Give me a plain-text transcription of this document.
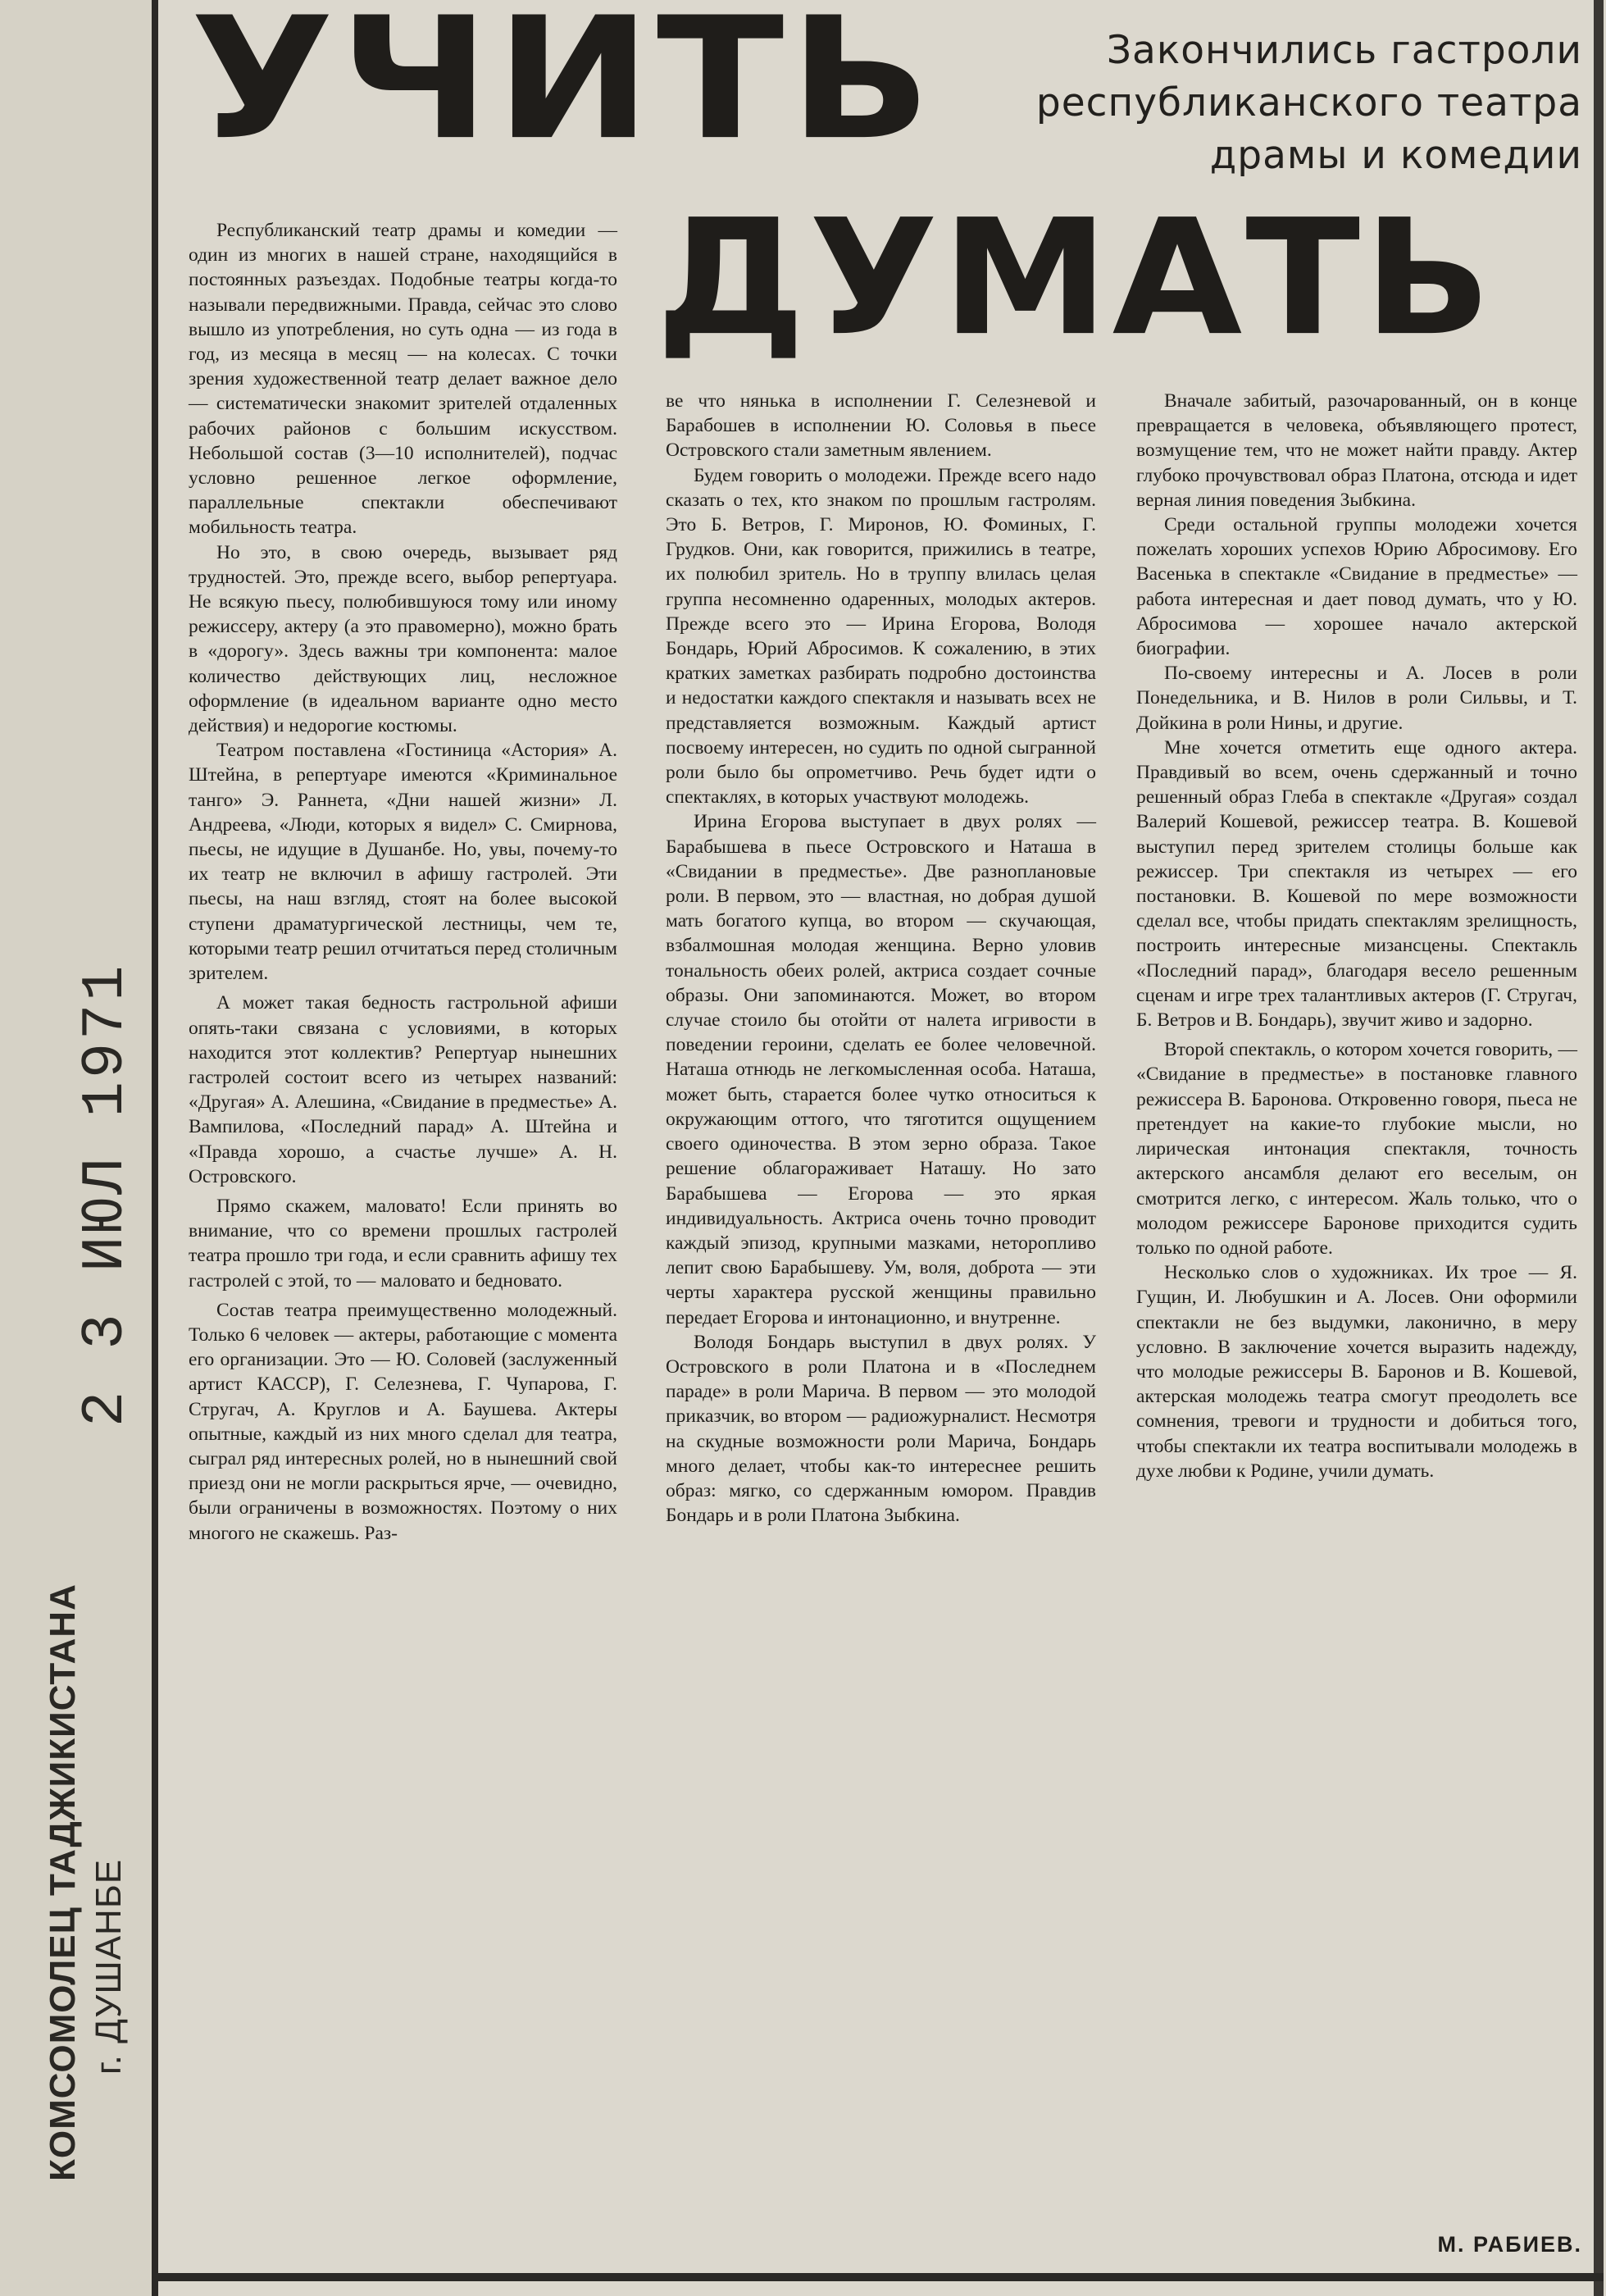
2 3 ИЮЛ 1971
КОМСОМОЛЕЦ ТАДЖИКИСТАНА г. ДУШАНБЕ
УЧИТЬ
ДУМАТЬ
Закончились гастроли
республиканского театра
драмы и комедии

Республиканский театр драмы и комедии — один из многих в нашей стране, находящийся в постоянных разъездах. Подобные театры когда-то называли передвижными. Правда, сейчас это слово вышло из употребления, но суть одна — из года в год, из месяца в месяц — на колесах. С точки зрения художественной театр делает важное дело — систематически знакомит зрителей отдаленных рабочих районов с большим искусством. Небольшой состав (3—10 исполнителей), подчас условно решенное легкое оформление, параллельные спектакли обеспечивают мобильность театра.

Но это, в свою очередь, вызывает ряд трудностей. Это, прежде всего, выбор репертуара. Не всякую пьесу, полюбившуюся тому или иному режиссеру, актеру (а это правомерно), можно брать в «дорогу». Здесь важны три компонента: малое количество действующих лиц, несложное оформление (в идеальном варианте одно место действия) и недорогие костюмы.

Театром поставлена «Гостиница «Астория» А. Штейна, в репертуаре имеются «Криминальное танго» Э. Раннета, «Дни нашей жизни» Л. Андреева, «Люди, которых я видел» С. Смирнова, пьесы, не идущие в Душанбе. Но, увы, почему-то их театр не включил в афишу гастролей. Эти пьесы, на наш взгляд, стоят на более высокой ступени драматургической лестницы, чем те, которыми театр решил отчитаться перед столичным зрителем.

А может такая бедность гастрольной афиши опять-таки связана с условиями, в которых находится этот коллектив? Репертуар нынешних гастролей состоит всего из четырех названий: «Другая» А. Алешина, «Свидание в предместье» А. Вампилова, «Последний парад» А. Штейна и «Правда хорошо, а счастье лучше» А. Н. Островского.

Прямо скажем, маловато! Если принять во внимание, что со времени прошлых гастролей театра прошло три года, и если сравнить афишу тех гастролей с этой, то — маловато и бедновато.

Состав театра преимущественно молодежный. Только 6 человек — актеры, работающие с момента его организации. Это — Ю. Соловей (заслуженный артист КАССР), Г. Селезнева, Г. Чупарова, Г. Стругач, А. Круглов и А. Баушева. Актеры опытные, каждый из них много сделал для театра, сыграл ряд интересных ролей, но в нынешний свой приезд они не могли раскрыться ярче, — очевидно, были ограничены в возможностях. Поэтому о них многого не скажешь. Раз-

ве что нянька в исполнении Г. Селезневой и Барабошев в исполнении Ю. Соловья в пьесе Островского стали заметным явлением.

Будем говорить о молодежи. Прежде всего надо сказать о тех, кто знаком по прошлым гастролям. Это Б. Ветров, Г. Миронов, Ю. Фоминых, Г. Грудков. Они, как говорится, прижились в театре, их полюбил зритель. Но в труппу влилась целая группа несомненно одаренных, молодых актеров. Прежде всего это — Ирина Егорова, Володя Бондарь, Юрий Абросимов. К сожалению, в этих кратких заметках разбирать подробно достоинства и недостатки каждого спектакля и называть всех не представляется возможным. Каждый артист посвоему интересен, но судить по одной сыгранной роли было бы опрометчиво. Речь будет идти о спектаклях, в которых участвуют молодежь.

Ирина Егорова выступает в двух ролях — Барабышева в пьесе Островского и Наташа в «Свидании в предместье». Две разноплановые роли. В первом, это — властная, но добрая душой мать богатого купца, во втором — скучающая, взбалмошная молодая женщина. Верно уловив тональность обеих ролей, актриса создает сочные образы. Они запоминаются. Может, во втором случае стоило бы отойти от налета игривости в поведении героини, сделать ее более человечной. Наташа отнюдь не легкомысленная особа. Наташа, может быть, старается более чутко относиться к окружающим оттого, что тяготится ощущением своего одиночества. В этом зерно образа. Такое решение облагораживает Наташу. Но зато Барабышева — Егорова — это яркая индивидуальность. Актриса очень точно проводит каждый эпизод, крупными мазками, неторопливо лепит свою Барабышеву. Ум, воля, доброта — эти черты характера русской женщины правильно передает Егорова и интонационно, и внутренне.

Володя Бондарь выступил в двух ролях. У Островского в роли Платона и в «Последнем параде» в роли Марича. В первом — это молодой приказчик, во втором — радиожурналист. Несмотря на скудные возможности роли Марича, Бондарь много делает, чтобы как-то интереснее решить образ: мягко, со сдержанным юмором. Правдив Бондарь и в роли Платона Зыбкина.

Вначале забитый, разочарованный, он в конце превращается в человека, объявляющего протест, возмущение тем, что не может найти правду. Актер глубоко прочувствовал образ Платона, отсюда и идет верная линия поведения Зыбкина.

Среди остальной группы молодежи хочется пожелать хороших успехов Юрию Абросимову. Его Васенька в спектакле «Свидание в предместье» — работа интересная и дает повод думать, что у Ю. Абросимова — хорошее начало актерской биографии.

По-своему интересны и А. Лосев в роли Понедельника, и В. Нилов в роли Сильвы, и Т. Дойкина в роли Нины, и другие.

Мне хочется отметить еще одного актера. Правдивый во всем, очень сдержанный и точно решенный образ Глеба в спектакле «Другая» создал Валерий Кошевой, режиссер театра. В. Кошевой выступил перед зрителем столицы больше как режиссер. Три спектакля из четырех — его постановки. В. Кошевой по мере возможности сделал все, чтобы придать спектаклям зрелищность, построить интересные мизансцены. Спектакль «Последний парад», благодаря весело решенным сценам и игре трех талантливых актеров (Г. Стругач, Б. Ветров и В. Бондарь), звучит живо и задорно.

Второй спектакль, о котором хочется говорить, — «Свидание в предместье» в постановке главного режиссера В. Баронова. Откровенно говоря, пьеса не претендует на какие-то глубокие мысли, но лирическая интонация спектакля, точность актерского ансамбля делают его веселым, он смотрится легко, с интересом. Жаль только, что о молодом режиссере Баронове приходится судить только по одной работе.

Несколько слов о художниках. Их трое — Я. Гущин, И. Любушкин и А. Лосев. Они оформили спектакли не без выдумки, лаконично, в меру условно. В заключение хочется выразить надежду, что молодые режиссеры В. Баронов и В. Кошевой, актерская молодежь театра смогут преодолеть все сомнения, тревоги и трудности и добиться того, чтобы спектакли их театра воспитывали молодежь в духе любви к Родине, учили думать.

М. РАБИЕВ.
